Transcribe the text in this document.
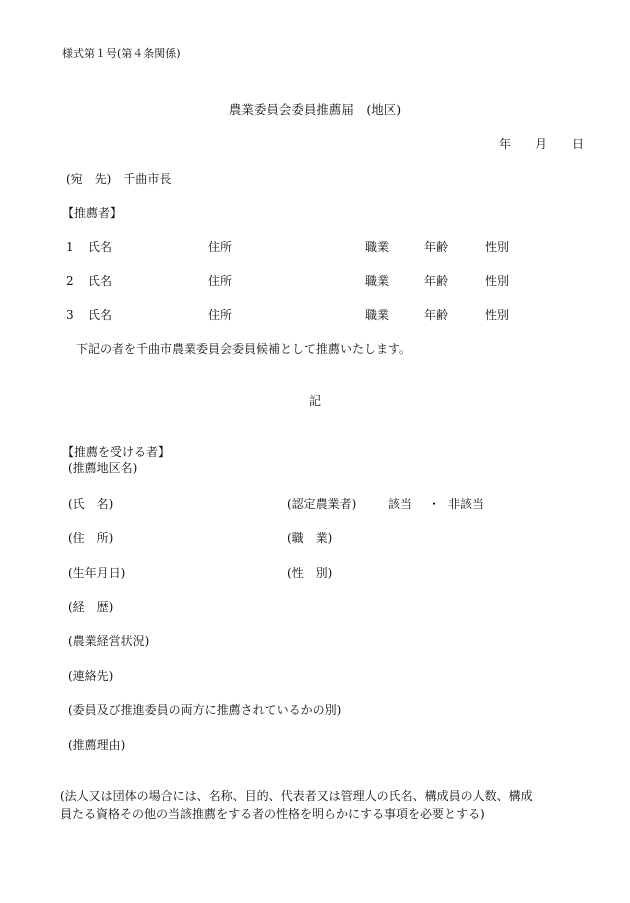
様式第１号(第４条関係)
農業委員会委員推薦届　(地区)
年 月 日
(宛　先)　千曲市長
【推薦者】
1 氏名	住所	職業	年齢	性別
2 氏名	住所	職業	年齢	性別
3 氏名	住所	職業	年齢	性別
下記の者を千曲市農業委員会委員候補として推薦いたします。
記
【推薦を受ける者】
(推薦地区名)
(氏　名)	(認定農業者)	該当 ・ 非該当
(住　所)	(職　業)
(生年月日)	(性　別)
(経　歴)
(農業経営状況)
(連絡先)
(委員及び推進委員の両方に推薦されているかの別)
(推薦理由)
(法人又は団体の場合には、名称、目的、代表者又は管理人の氏名、構成員の人数、構成
員たる資格その他の当該推薦をする者の性格を明らかにする事項を必要とする)
